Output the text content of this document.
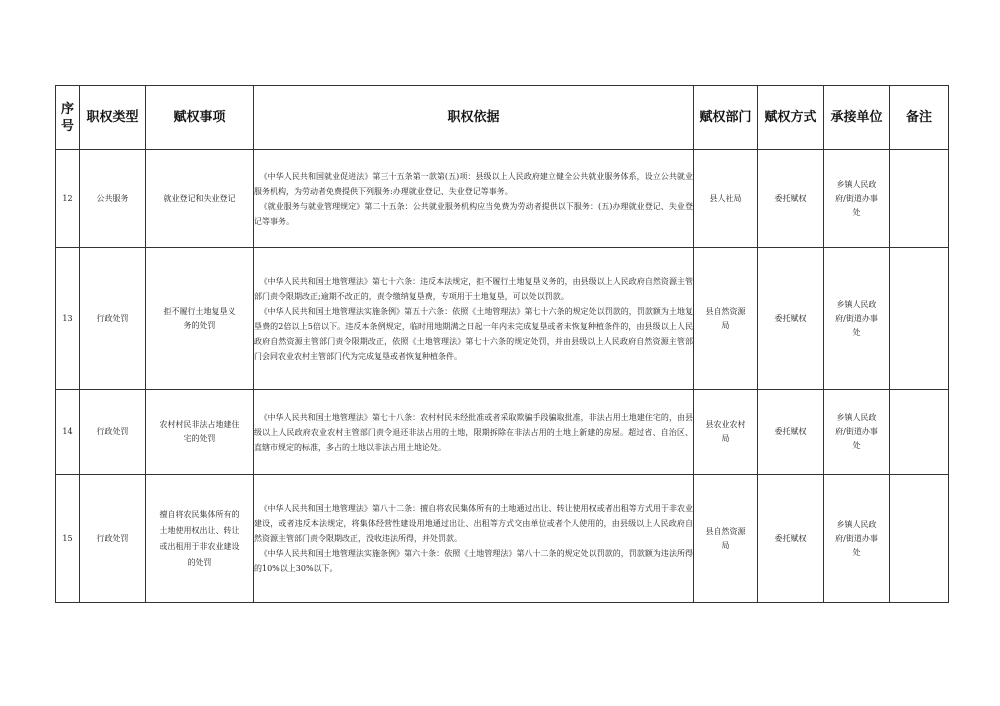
序
号	职权类型	赋权事项	职权依据	赋权部门	赋权方式	承接单位	备注
12	公共服务	就业登记和失业登记	《中华人民共和国就业促进法》第三十五条第一款第(五)项：县级以上人民政府建立健全公共就业服务体系，设立公共就业服务机构，为劳动者免费提供下列服务:办理就业登记、失业登记等事务。

《就业服务与就业管理规定》第二十五条：公共就业服务机构应当免费为劳动者提供以下服务：(五)办理就业登记、失业登记等事务。	县人社局	委托赋权	乡镇人民政府/街道办事处	
13	行政处罚	拒不履行土地复垦义务的处罚	《中华人民共和国土地管理法》第七十六条：违反本法规定，拒不履行土地复垦义务的，由县级以上人民政府自然资源主管部门责令限期改正;逾期不改正的，责令缴纳复垦费，专项用于土地复垦，可以处以罚款。

《中华人民共和国土地管理法实施条例》第五十六条：依照《土地管理法》第七十六条的规定处以罚款的，罚款额为土地复垦费的2倍以上5倍以下。违反本条例规定，临时用地期满之日起一年内未完成复垦或者未恢复种植条件的，由县级以上人民政府自然资源主管部门责令限期改正，依照《土地管理法》第七十六条的规定处罚，并由县级以上人民政府自然资源主管部门会同农业农村主管部门代为完成复垦或者恢复种植条件。	县自然资源局	委托赋权	乡镇人民政府/街道办事处	
14	行政处罚	农村村民非法占地建住宅的处罚	《中华人民共和国土地管理法》第七十八条：农村村民未经批准或者采取欺骗手段骗取批准，非法占用土地建住宅的，由县级以上人民政府农业农村主管部门责令退还非法占用的土地，限期拆除在非法占用的土地上新建的房屋。超过省、自治区、直辖市规定的标准，多占的土地以非法占用土地论处。	县农业农村局	委托赋权	乡镇人民政府/街道办事处	
15	行政处罚	擅自将农民集体所有的土地使用权出让、转让或出租用于非农业建设的处罚	《中华人民共和国土地管理法》第八十二条：擅自将农民集体所有的土地通过出让、转让使用权或者出租等方式用于非农业建设，或者违反本法规定，将集体经营性建设用地通过出让、出租等方式交由单位或者个人使用的，由县级以上人民政府自然资源主管部门责令限期改正，没收违法所得，并处罚款。

《中华人民共和国土地管理法实施条例》第六十条：依照《土地管理法》第八十二条的规定处以罚款的，罚款额为违法所得的10%以上30%以下。	县自然资源局	委托赋权	乡镇人民政府/街道办事处	
